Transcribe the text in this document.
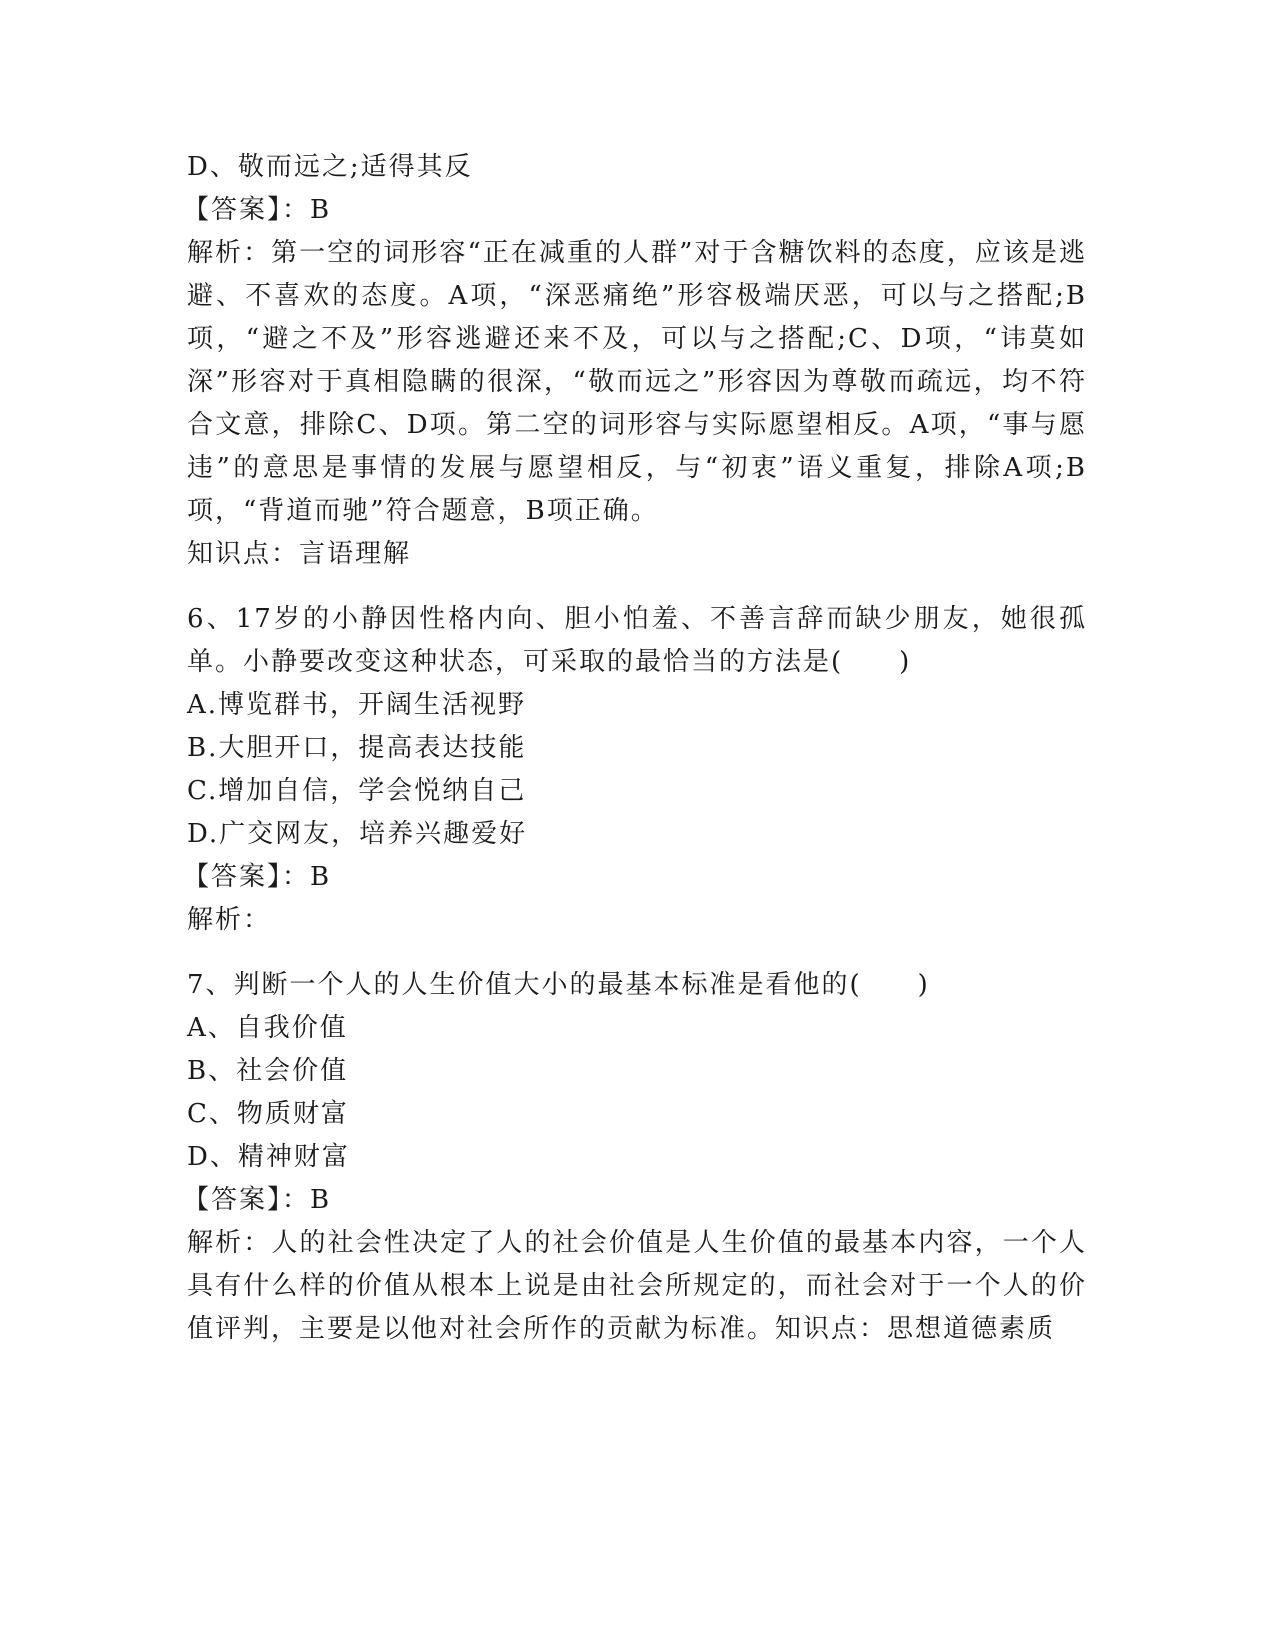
D、敬而远之;适得其反
【答案】：B
解析：第一空的词形容“正在减重的人群”对于含糖饮料的态度，应该是逃避、不喜欢的态度。A项，“深恶痛绝”形容极端厌恶，可以与之搭配;B项，“避之不及”形容逃避还来不及，可以与之搭配;C、D项，“讳莫如深”形容对于真相隐瞒的很深，“敬而远之”形容因为尊敬而疏远，均不符合文意，排除C、D项。第二空的词形容与实际愿望相反。A项，“事与愿违”的意思是事情的发展与愿望相反，与“初衷”语义重复，排除A项;B项，“背道而驰”符合题意，B项正确。
知识点：言语理解
6、17岁的小静因性格内向、胆小怕羞、不善言辞而缺少朋友，她很孤单。小静要改变这种状态，可采取的最恰当的方法是(　　)
A.博览群书，开阔生活视野
B.大胆开口，提高表达技能
C.增加自信，学会悦纳自己
D.广交网友，培养兴趣爱好
【答案】：B
解析：
7、判断一个人的人生价值大小的最基本标准是看他的(　　)
A、自我价值
B、社会价值
C、物质财富
D、精神财富
【答案】：B
解析：人的社会性决定了人的社会价值是人生价值的最基本内容，一个人具有什么样的价值从根本上说是由社会所规定的，而社会对于一个人的价值评判，主要是以他对社会所作的贡献为标准。知识点：思想道德素质
